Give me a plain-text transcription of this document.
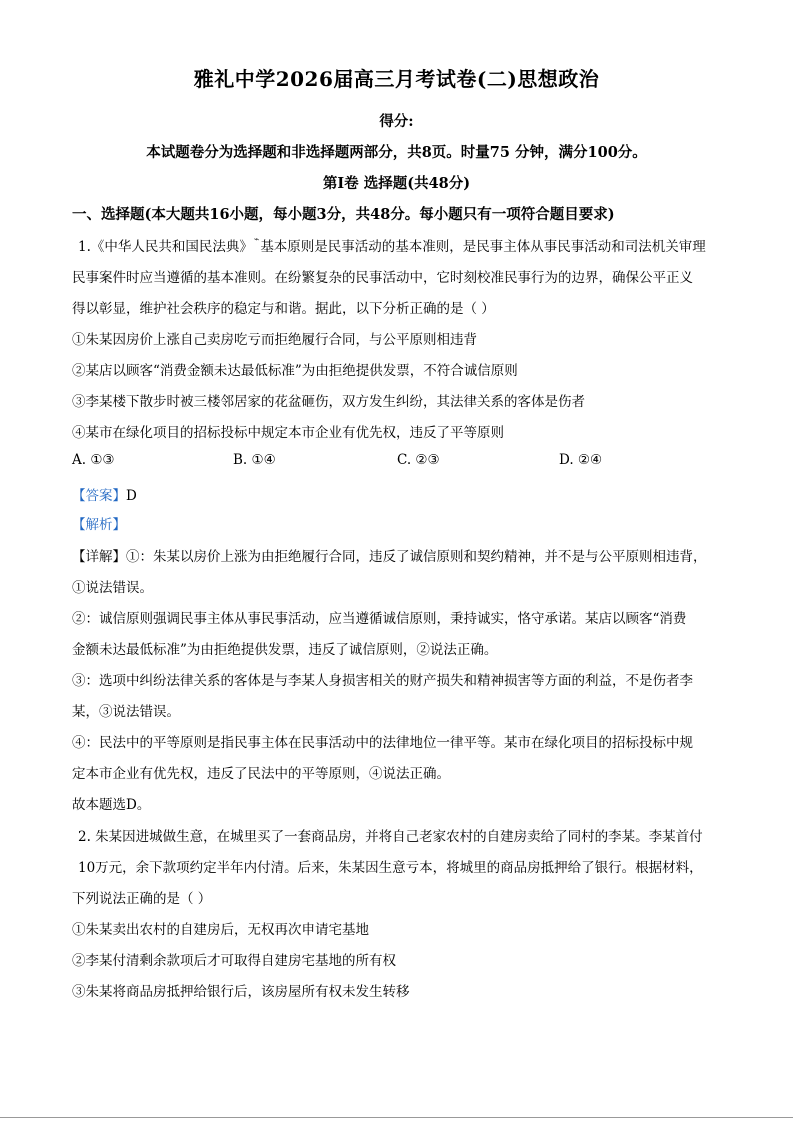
雅礼中学2026届高三月考试卷(二)思想政治
得分:
本试题卷分为选择题和非选择题两部分，共8页。时量75 分钟，满分100分。
第Ⅰ卷 选择题(共48分)
一、选择题(本大题共16小题，每小题3分，共48分。每小题只有一项符合题目要求)
1.《中华人民共和国民法典》⌁基本原则是民事活动的基本准则，是民事主体从事民事活动和司法机关审理
民事案件时应当遵循的基本准则。在纷繁复杂的民事活动中，它时刻校准民事行为的边界，确保公平正义
得以彰显，维护社会秩序的稳定与和谐。据此，以下分析正确的是（ ）
①朱某因房价上涨自己卖房吃亏而拒绝履行合同，与公平原则相违背
②某店以顾客“消费金额未达最低标准”为由拒绝提供发票，不符合诚信原则
③李某楼下散步时被三楼邻居家的花盆砸伤，双方发生纠纷，其法律关系的客体是伤者
④某市在绿化项目的招标投标中规定本市企业有优先权，违反了平等原则
A. ①③	B. ①④	C. ②③	D. ②④
【答案】D
【解析】
【详解】①：朱某以房价上涨为由拒绝履行合同，违反了诚信原则和契约精神，并不是与公平原则相违背，
①说法错误。
②：诚信原则强调民事主体从事民事活动，应当遵循诚信原则，秉持诚实，恪守承诺。某店以顾客“消费
金额未达最低标准”为由拒绝提供发票，违反了诚信原则，②说法正确。
③：选项中纠纷法律关系的客体是与李某人身损害相关的财产损失和精神损害等方面的利益，不是伤者李
某，③说法错误。
④：民法中的平等原则是指民事主体在民事活动中的法律地位一律平等。某市在绿化项目的招标投标中规
定本市企业有优先权，违反了民法中的平等原则，④说法正确。
故本题选D。
2. 朱某因进城做生意，在城里买了一套商品房，并将自己老家农村的自建房卖给了同村的李某。李某首付
10万元，余下款项约定半年内付清。后来，朱某因生意亏本，将城里的商品房抵押给了银行。根据材料，
下列说法正确的是（ ）
①朱某卖出农村的自建房后，无权再次申请宅基地
②李某付清剩余款项后才可取得自建房宅基地的所有权
③朱某将商品房抵押给银行后，该房屋所有权未发生转移
